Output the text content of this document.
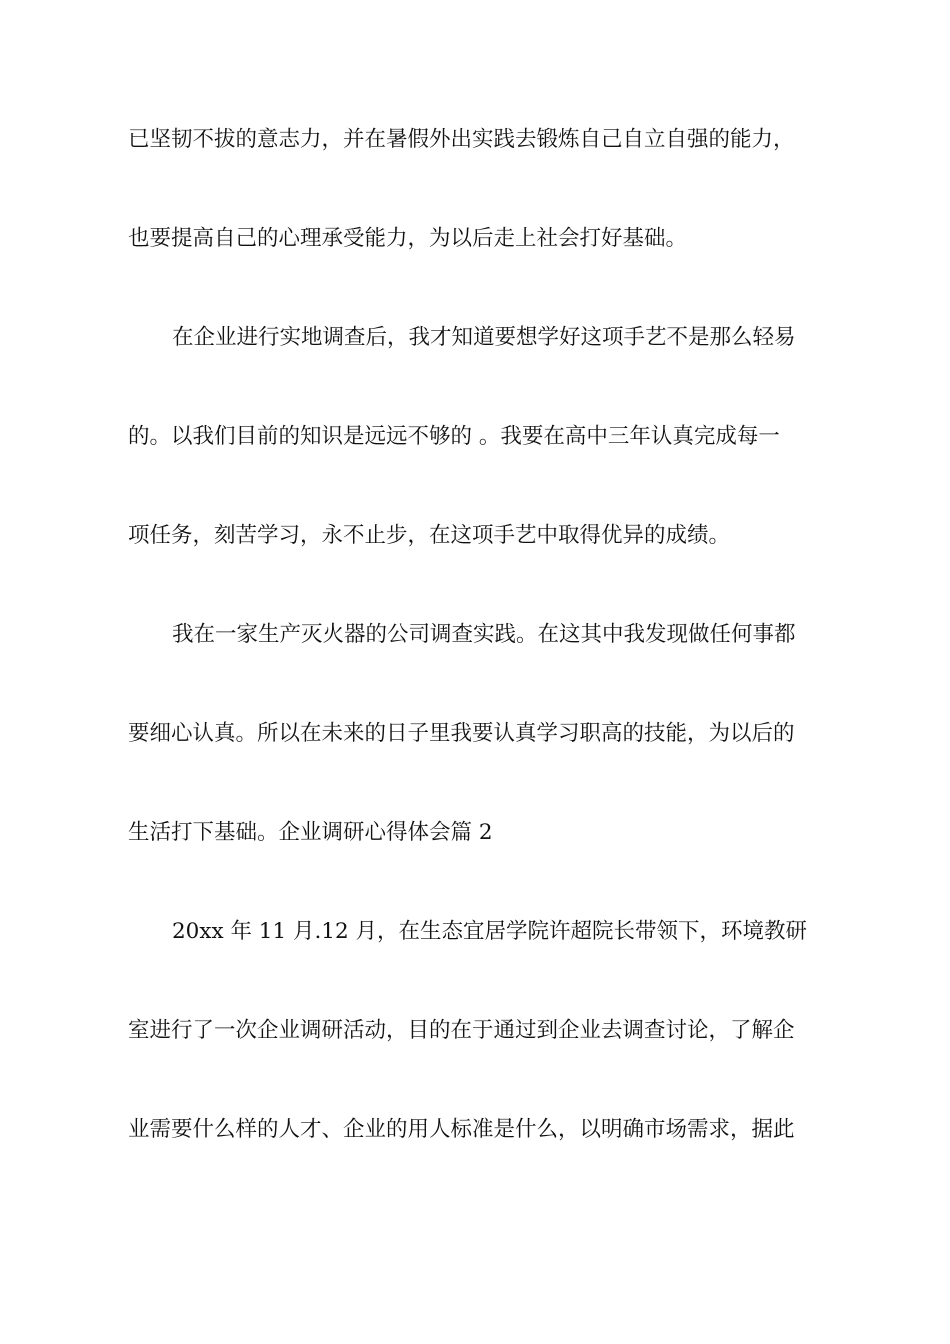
已坚韧不拔的意志力，并在暑假外出实践去锻炼自己自立自强的能力，
也要提高自己的心理承受能力，为以后走上社会打好基础。
在企业进行实地调查后，我才知道要想学好这项手艺不是那么轻易
的。以我们目前的知识是远远不够的 。我要在高中三年认真完成每一
项任务，刻苦学习，永不止步，在这项手艺中取得优异的成绩。
我在一家生产灭火器的公司调查实践。在这其中我发现做任何事都
要细心认真。所以在未来的日子里我要认真学习职高的技能，为以后的
生活打下基础。企业调研心得体会篇 2
20xx 年 11 月.12 月，在生态宜居学院许超院长带领下，环境教研
室进行了一次企业调研活动，目的在于通过到企业去调查讨论，了解企
业需要什么样的人才、企业的用人标准是什么，以明确市场需求，据此
